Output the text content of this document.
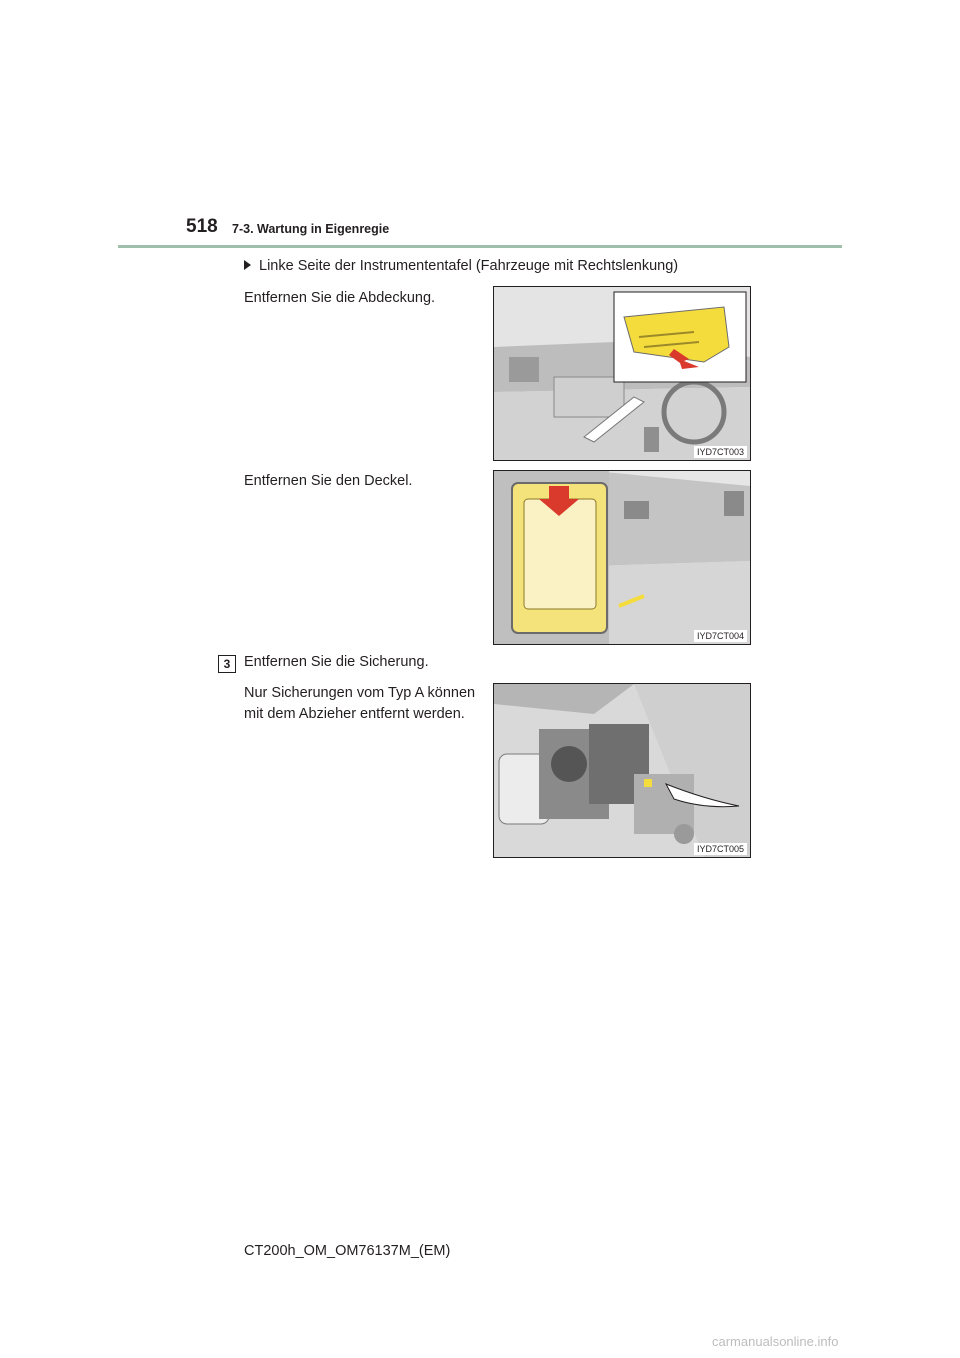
518 7-3. Wartung in Eigenregie
Linke Seite der Instrumententafel (Fahrzeuge mit Rechtslenkung)
Entfernen Sie die Abdeckung.
Entfernen Sie den Deckel.
3 Entfernen Sie die Sicherung.
Nur Sicherungen vom Typ A können
mit dem Abzieher entfernt werden.
IYD7CT003
IYD7CT004
IYD7CT005
CT200h_OM_OM76137M_(EM)
carmanualsonline.info
